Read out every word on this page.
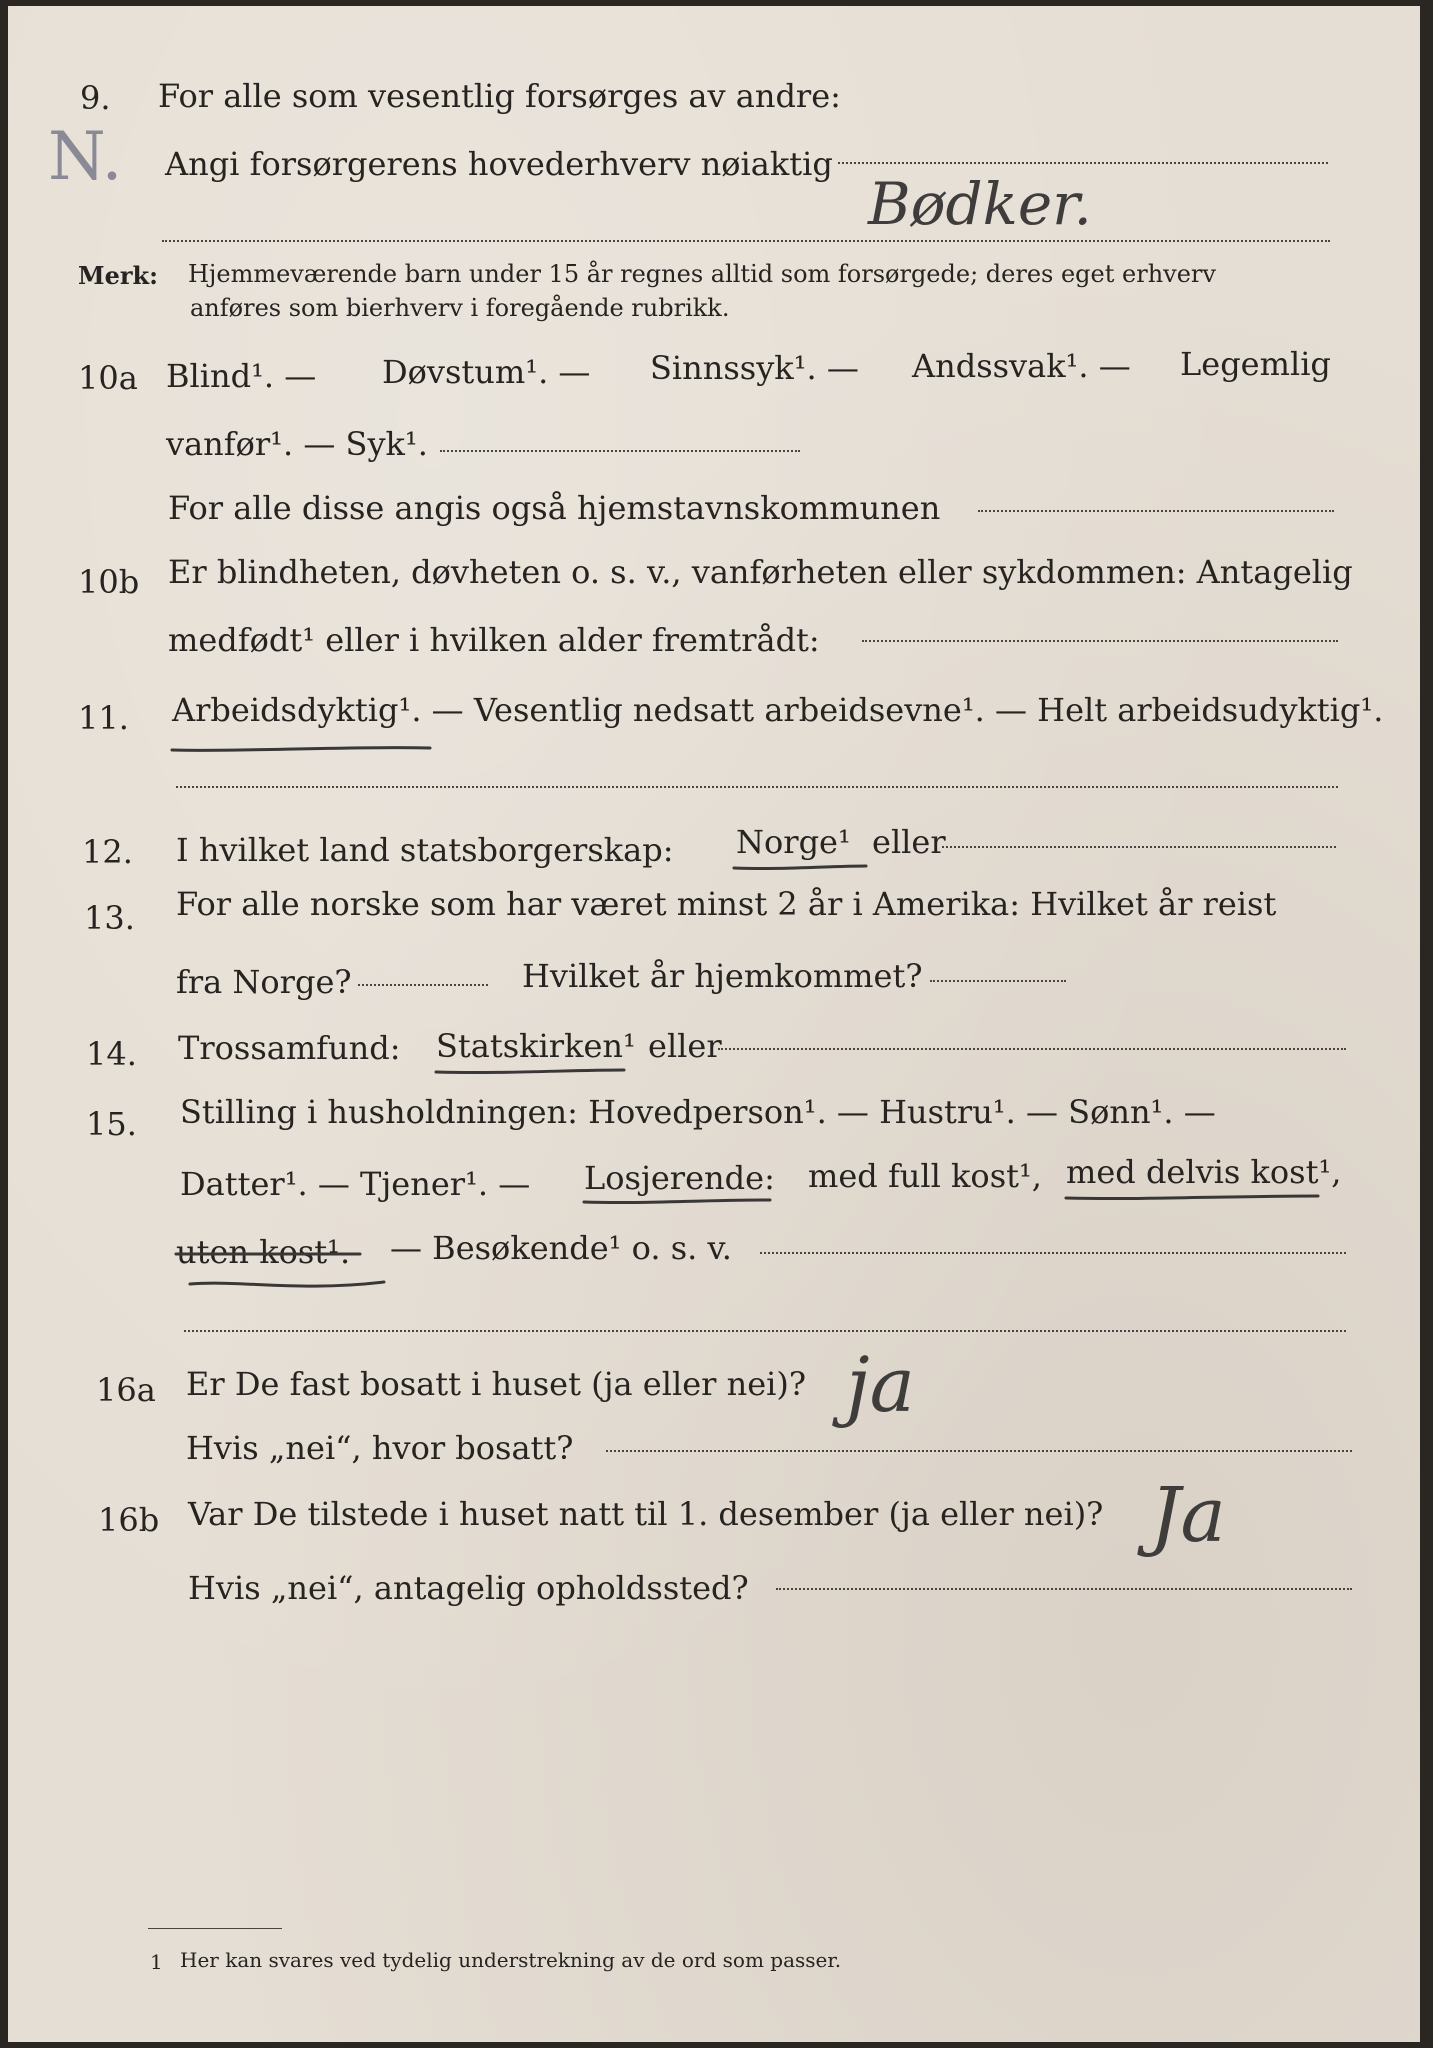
N.
9. For alle som vesentlig forsørges av andre:
Angi forsørgerens hovederhverv nøiaktig
Bødker.
Merk: Hjemmeværende barn under 15 år regnes alltid som forsørgede; deres eget erhverv
anføres som bierhverv i foregående rubrikk.
10a Blind¹. — Døvstum¹. — Sinnssyk¹. — Andssvak¹. — Legemlig
vanfør¹. — Syk¹.
For alle disse angis også hjemstavnskommunen
10b Er blindheten, døvheten o. s. v., vanførheten eller sykdommen: Antagelig
medfødt¹ eller i hvilken alder fremtrådt:
11. Arbeidsdyktig¹. — Vesentlig nedsatt arbeidsevne¹. — Helt arbeidsudyktig¹.
12. I hvilket land statsborgerskap: Norge¹ eller
13. For alle norske som har været minst 2 år i Amerika: Hvilket år reist
fra Norge?	Hvilket år hjemkommet?
14. Trossamfund: Statskirken¹ eller
15. Stilling i husholdningen: Hovedperson¹. — Hustru¹. — Sønn¹. —
Datter¹. — Tjener¹. — Losjerende: med full kost¹, med delvis kost¹,
uten kost¹. — Besøkende¹ o. s. v.
16a Er De fast bosatt i huset (ja eller nei)? ja
Hvis „nei“, hvor bosatt?
16b Var De tilstede i huset natt til 1. desember (ja eller nei)? Ja
Hvis „nei“, antagelig opholdssted?
1 Her kan svares ved tydelig understrekning av de ord som passer.
